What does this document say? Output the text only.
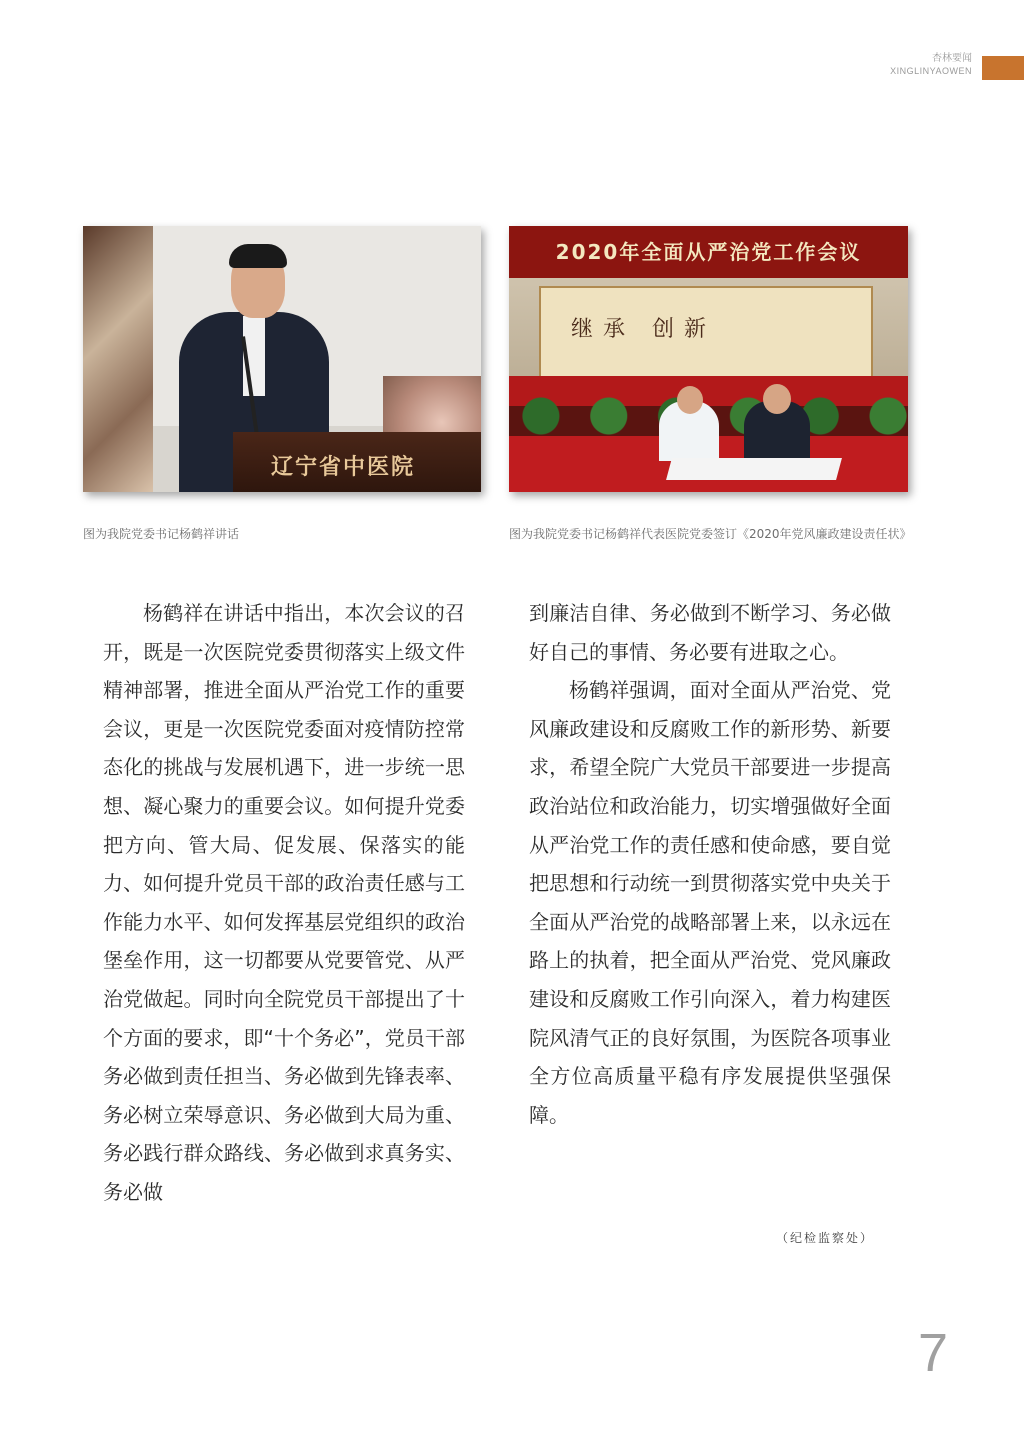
杏林要闻
XINGLINYAOWEN
辽宁省中医院
2020年全面从严治党工作会议
继承 创新
图为我院党委书记杨鹤祥讲话	图为我院党委书记杨鹤祥代表医院党委签订《2020年党风廉政建设责任状》

杨鹤祥在讲话中指出，本次会议的召开，既是一次医院党委贯彻落实上级文件精神部署，推进全面从严治党工作的重要会议，更是一次医院党委面对疫情防控常态化的挑战与发展机遇下，进一步统一思想、凝心聚力的重要会议。如何提升党委把方向、管大局、促发展、保落实的能力、如何提升党员干部的政治责任感与工作能力水平、如何发挥基层党组织的政治堡垒作用，这一切都要从党要管党、从严治党做起。同时向全院党员干部提出了十个方面的要求，即“十个务必”，党员干部务必做到责任担当、务必做到先锋表率、务必树立荣辱意识、务必做到大局为重、务必践行群众路线、务必做到求真务实、务必做

到廉洁自律、务必做到不断学习、务必做好自己的事情、务必要有进取之心。

杨鹤祥强调，面对全面从严治党、党风廉政建设和反腐败工作的新形势、新要求，希望全院广大党员干部要进一步提高政治站位和政治能力，切实增强做好全面从严治党工作的责任感和使命感，要自觉把思想和行动统一到贯彻落实党中央关于全面从严治党的战略部署上来，以永远在路上的执着，把全面从严治党、党风廉政建设和反腐败工作引向深入，着力构建医院风清气正的良好氛围，为医院各项事业全方位高质量平稳有序发展提供坚强保障。

（纪检监察处）
7
